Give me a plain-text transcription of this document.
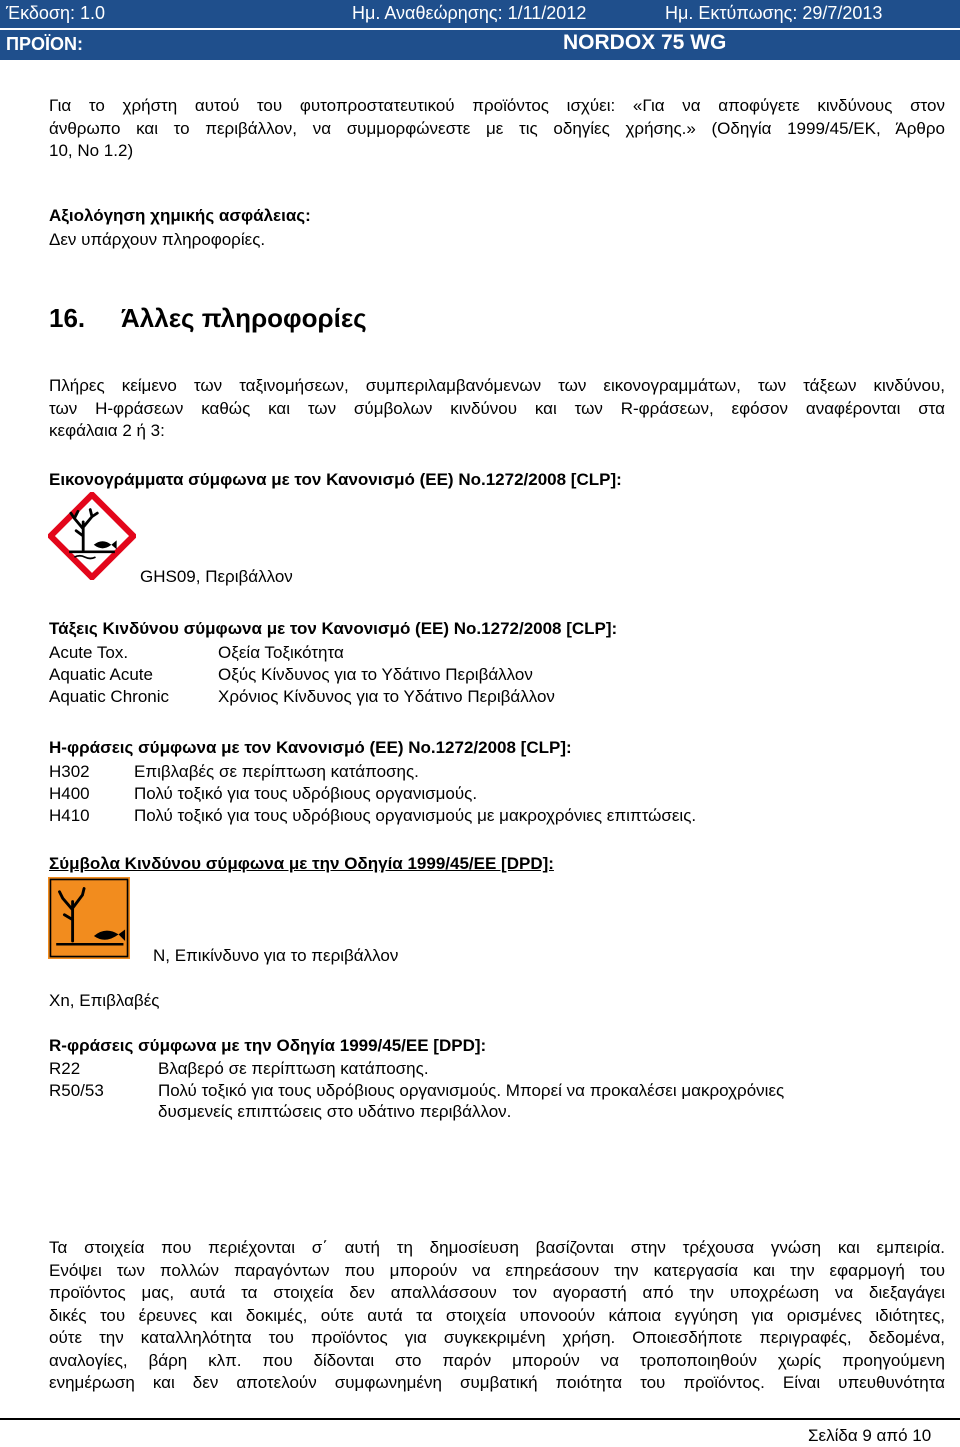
Έκδοση: 1.0	Ημ. Αναθεώρησης: 1/11/2012	Ημ. Εκτύπωσης: 29/7/2013
ΠΡΟΪΟΝ:	NORDOX 75 WG
Για το χρήστη αυτού του φυτοπροστατευτικού προϊόντος ισχύει: «Για να αποφύγετε κινδύνους στον
άνθρωπο και το περιβάλλον, να συμμορφώνεστε με τις οδηγίες χρήσης.» (Οδηγία 1999/45/ΕΚ, Άρθρο
10, Νο 1.2)
Αξιολόγηση χημικής ασφάλειας:
Δεν υπάρχουν πληροφορίες.
16. Άλλες πληροφορίες
Πλήρες κείμενο των ταξινομήσεων, συμπεριλαμβανόμενων των εικονογραμμάτων, των τάξεων κινδύνου,
των Η-φράσεων καθώς και των σύμβολων κινδύνου και των R-φράσεων, εφόσον αναφέρονται στα
κεφάλαια 2 ή 3:
Εικονογράμματα σύμφωνα με τον Κανονισμό (ΕΕ) Νο.1272/2008 [CLP]:
GHS09, Περιβάλλον
Τάξεις Κινδύνου σύμφωνα με τον Κανονισμό (ΕΕ) Νο.1272/2008 [CLP]:
Acute Tox.	Οξεία Τοξικότητα
Aquatic Acute	Οξύς Κίνδυνος για το Υδάτινο Περιβάλλον
Aquatic Chronic	Χρόνιος Κίνδυνος για το Υδάτινο Περιβάλλον
Η-φράσεις σύμφωνα με τον Κανονισμό (ΕΕ) Νο.1272/2008 [CLP]:
H302	Επιβλαβές σε περίπτωση κατάποσης.
H400	Πολύ τοξικό για τους υδρόβιους οργανισμούς.
H410	Πολύ τοξικό για τους υδρόβιους οργανισμούς με μακροχρόνιες επιπτώσεις.
Σύμβολα Κινδύνου σύμφωνα με την Οδηγία 1999/45/ΕΕ [DPD]:
N, Επικίνδυνο για το περιβάλλον
Xn, Επιβλαβές
R-φράσεις σύμφωνα με την Οδηγία 1999/45/ΕΕ [DPD]:
R22	Βλαβερό σε περίπτωση κατάποσης.
R50/53	Πολύ τοξικό για τους υδρόβιους οργανισμούς. Μπορεί να προκαλέσει μακροχρόνιες
δυσμενείς επιπτώσεις στο υδάτινο περιβάλλον.
Τα στοιχεία που περιέχονται σ΄ αυτή τη δημοσίευση βασίζονται στην τρέχουσα γνώση και εμπειρία.
Ενόψει των πολλών παραγόντων που μπορούν να επηρεάσουν την κατεργασία και την εφαρμογή του
προϊόντος μας, αυτά τα στοιχεία δεν απαλλάσσουν τον αγοραστή από την υποχρέωση να διεξαγάγει
δικές του έρευνες και δοκιμές, ούτε αυτά τα στοιχεία υπονοούν κάποια εγγύηση για ορισμένες ιδιότητες,
ούτε την καταλληλότητα του προϊόντος για συγκεκριμένη χρήση. Οποιεσδήποτε περιγραφές, δεδομένα,
αναλογίες, βάρη κλπ. που δίδονται στο παρόν μπορούν να τροποποιηθούν χωρίς προηγούμενη
ενημέρωση και δεν αποτελούν συμφωνημένη συμβατική ποιότητα του προϊόντος. Είναι υπευθυνότητα
Σελίδα 9 από 10
